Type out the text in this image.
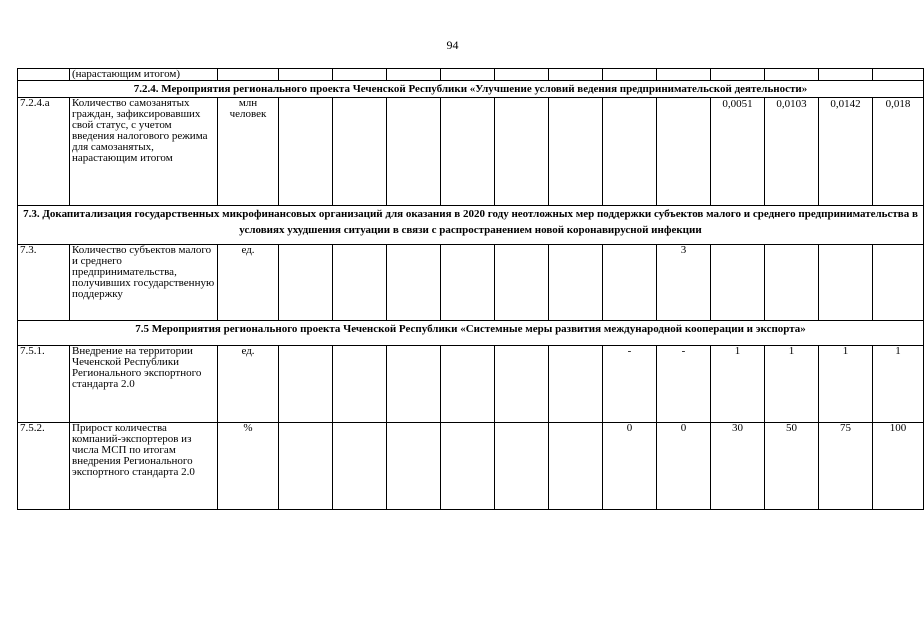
94
	(нарастающим итогом)													
7.2.4. Мероприятия регионального проекта Чеченской Республики «Улучшение условий ведения предпринимательской деятельности»														
7.2.4.а	Количество самозанятых граждан, зафиксировавших свой статус, с учетом введения налогового режима для самозанятых, нарастающим итогом	млн человек									0,0051	0,0103	0,0142	0,018
7.3. Докапитализация государственных микрофинансовых организаций для оказания в 2020 году неотложных мер поддержки субъектов малого и среднего предпринимательства в условиях ухудшения ситуации в связи с распространением новой коронавирусной инфекции														
7.3.	Количество субъектов малого и среднего предпринимательства, получивших государственную поддержку	ед.								3				
7.5 Мероприятия регионального проекта Чеченской Республики «Системные меры развития международной кооперации и экспорта»														
7.5.1.	Внедрение на территории Чеченской Республики Регионального экспортного стандарта 2.0	ед.							-	-	1	1	1	1
7.5.2.	Прирост количества компаний-экспортеров из числа МСП по итогам внедрения Регионального экспортного стандарта 2.0	%							0	0	30	50	75	100
